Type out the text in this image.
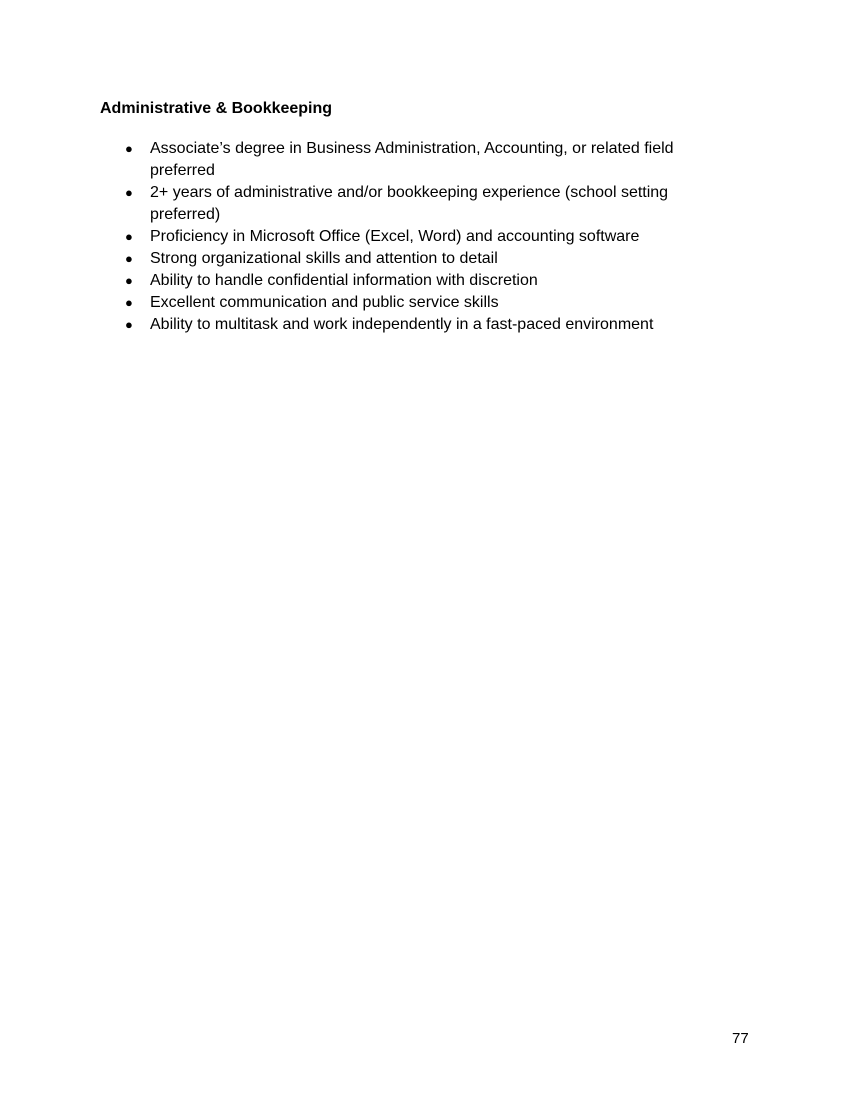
Administrative & Bookkeeping
● Associate’s degree in Business Administration, Accounting, or related field preferred
● 2+ years of administrative and/or bookkeeping experience (school setting preferred)
● Proficiency in Microsoft Office (Excel, Word) and accounting software
● Strong organizational skills and attention to detail
● Ability to handle confidential information with discretion
● Excellent communication and public service skills
● Ability to multitask and work independently in a fast-paced environment
77
